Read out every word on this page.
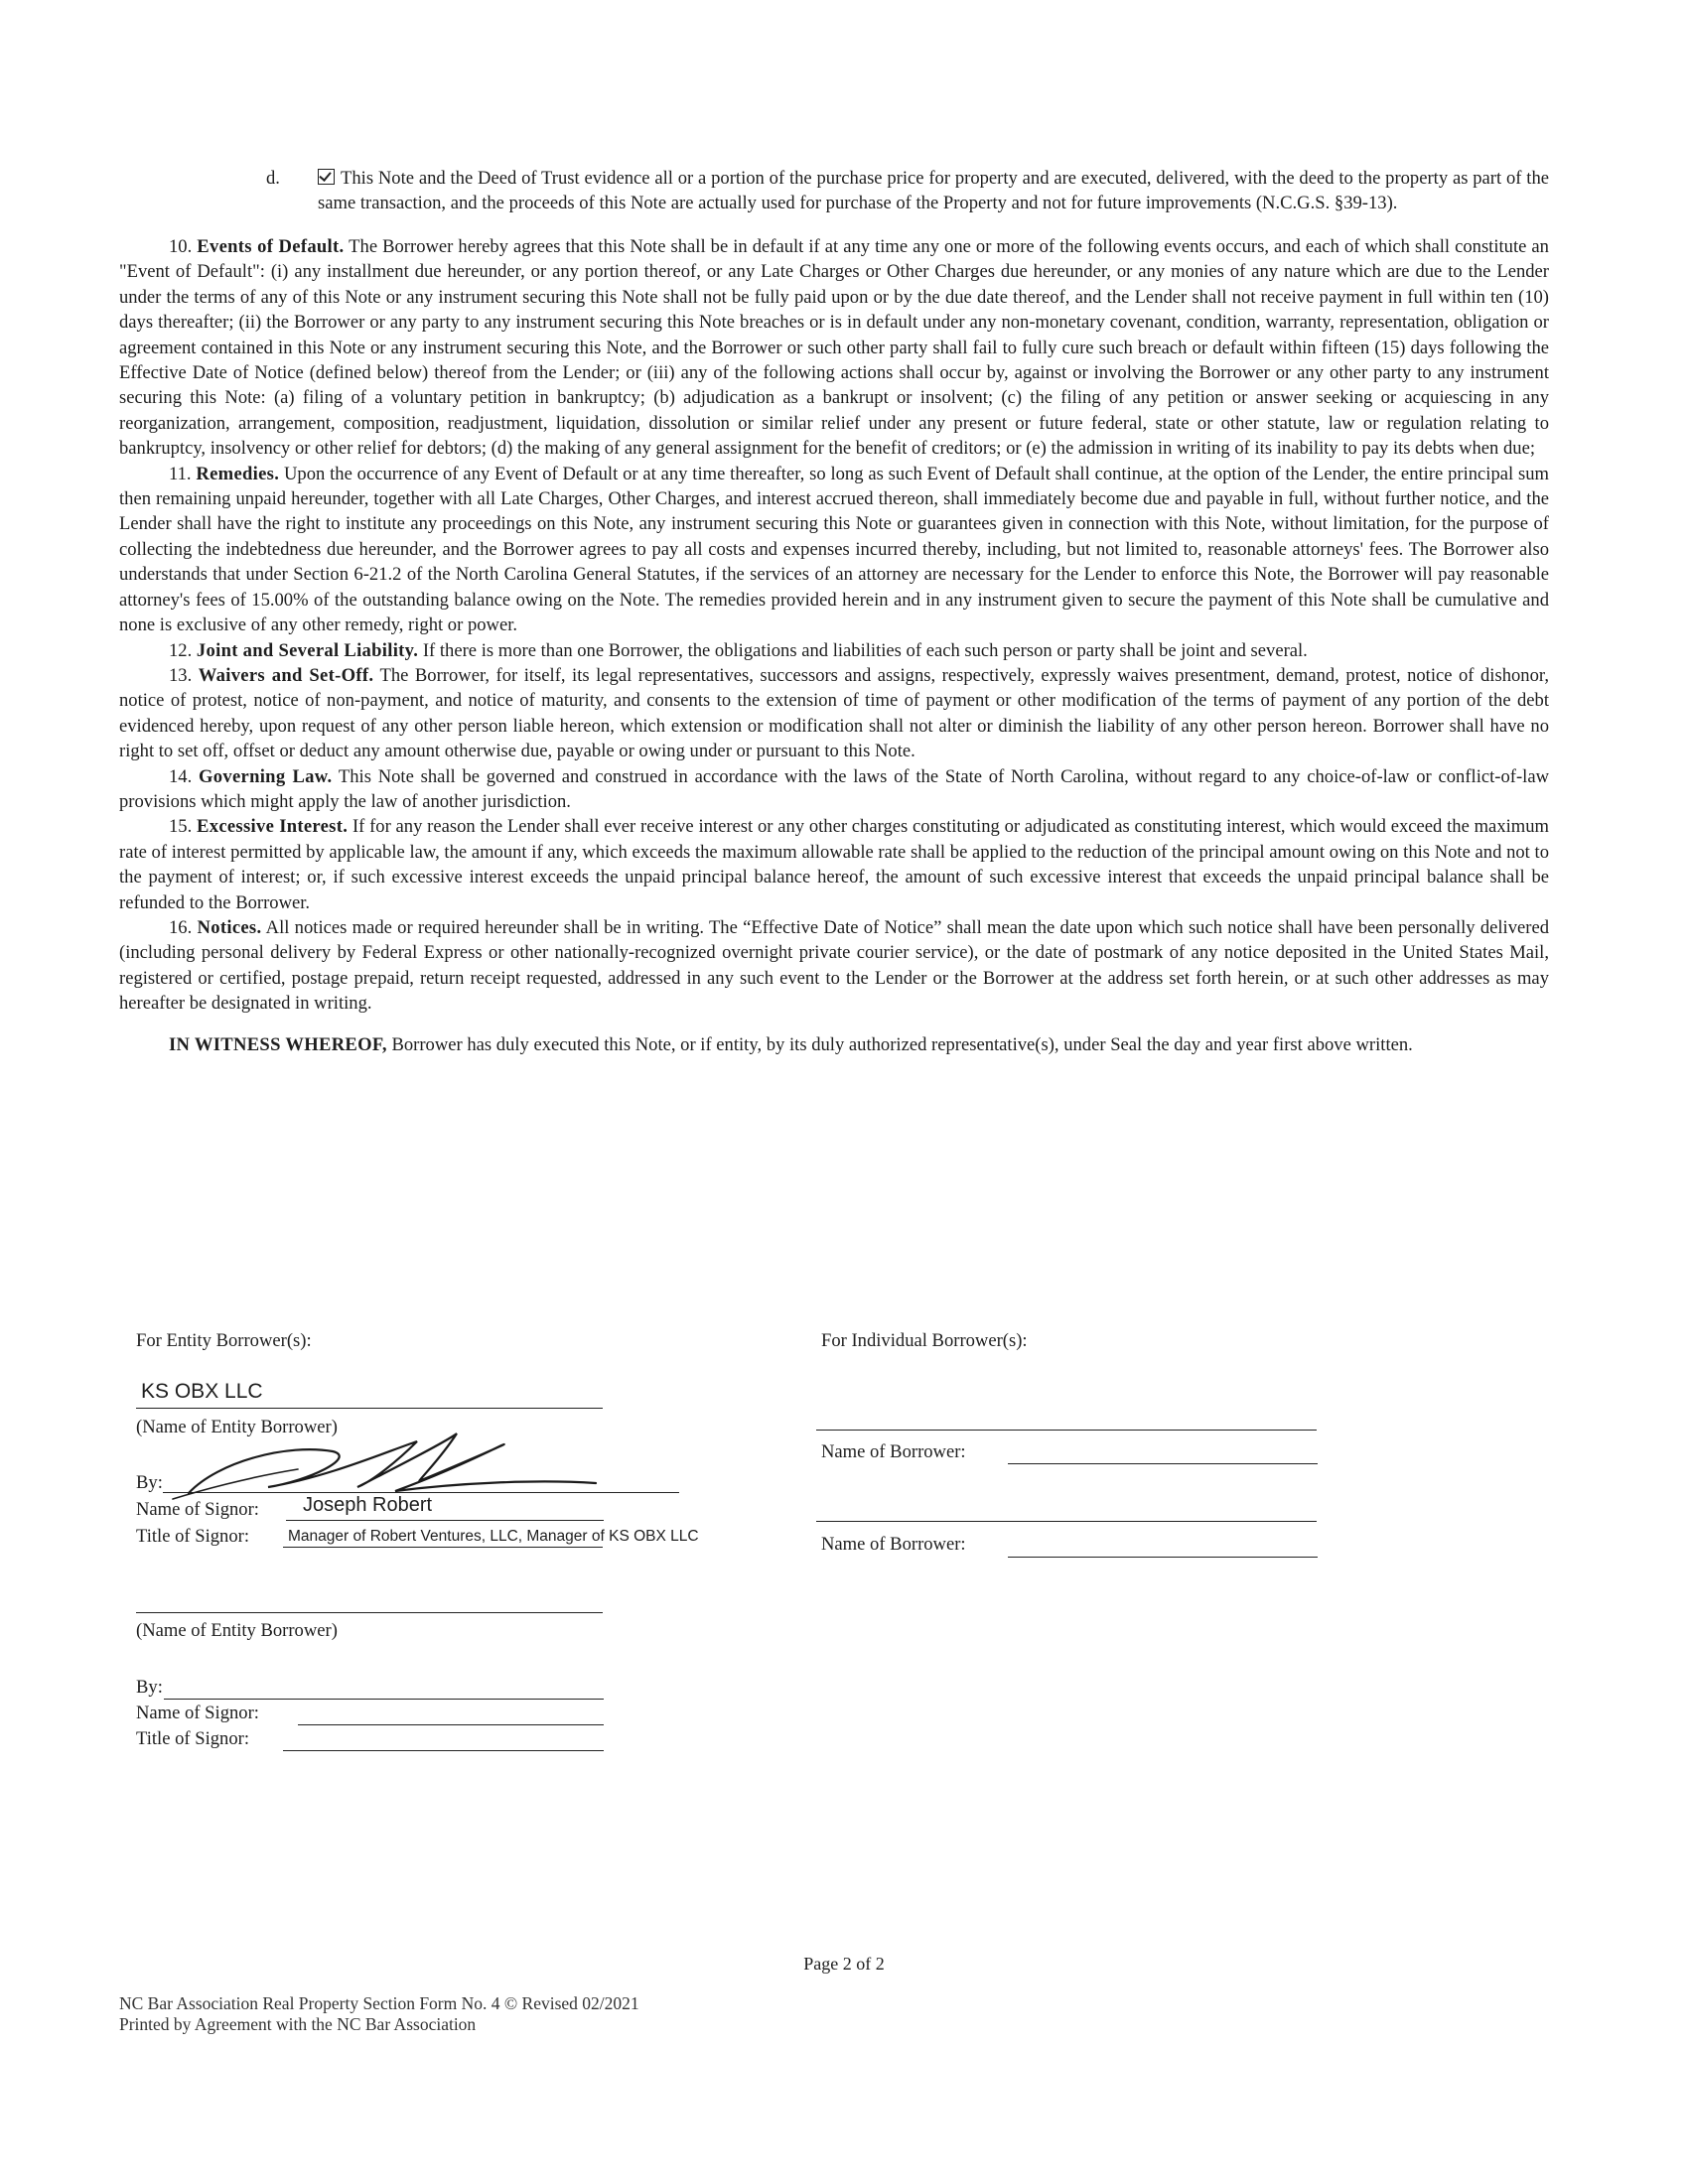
d.	This Note and the Deed of Trust evidence all or a portion of the purchase price for property and are executed, delivered, with the deed to the property as part of the same transaction, and the proceeds of this Note are actually used for purchase of the Property and not for future improvements (N.C.G.S. §39-13).

10. Events of Default. The Borrower hereby agrees that this Note shall be in default if at any time any one or more of the following events occurs, and each of which shall constitute an "Event of Default": (i) any installment due hereunder, or any portion thereof, or any Late Charges or Other Charges due hereunder, or any monies of any nature which are due to the Lender under the terms of any of this Note or any instrument securing this Note shall not be fully paid upon or by the due date thereof, and the Lender shall not receive payment in full within ten (10) days thereafter; (ii) the Borrower or any party to any instrument securing this Note breaches or is in default under any non-monetary covenant, condition, warranty, representation, obligation or agreement contained in this Note or any instrument securing this Note, and the Borrower or such other party shall fail to fully cure such breach or default within fifteen (15) days following the Effective Date of Notice (defined below) thereof from the Lender; or (iii) any of the following actions shall occur by, against or involving the Borrower or any other party to any instrument securing this Note: (a) filing of a voluntary petition in bankruptcy; (b) adjudication as a bankrupt or insolvent; (c) the filing of any petition or answer seeking or acquiescing in any reorganization, arrangement, composition, readjustment, liquidation, dissolution or similar relief under any present or future federal, state or other statute, law or regulation relating to bankruptcy, insolvency or other relief for debtors; (d) the making of any general assignment for the benefit of creditors; or (e) the admission in writing of its inability to pay its debts when due;

11. Remedies. Upon the occurrence of any Event of Default or at any time thereafter, so long as such Event of Default shall continue, at the option of the Lender, the entire principal sum then remaining unpaid hereunder, together with all Late Charges, Other Charges, and interest accrued thereon, shall immediately become due and payable in full, without further notice, and the Lender shall have the right to institute any proceedings on this Note, any instrument securing this Note or guarantees given in connection with this Note, without limitation, for the purpose of collecting the indebtedness due hereunder, and the Borrower agrees to pay all costs and expenses incurred thereby, including, but not limited to, reasonable attorneys' fees. The Borrower also understands that under Section 6-21.2 of the North Carolina General Statutes, if the services of an attorney are necessary for the Lender to enforce this Note, the Borrower will pay reasonable attorney's fees of 15.00% of the outstanding balance owing on the Note. The remedies provided herein and in any instrument given to secure the payment of this Note shall be cumulative and none is exclusive of any other remedy, right or power.

12. Joint and Several Liability. If there is more than one Borrower, the obligations and liabilities of each such person or party shall be joint and several.

13. Waivers and Set-Off. The Borrower, for itself, its legal representatives, successors and assigns, respectively, expressly waives presentment, demand, protest, notice of dishonor, notice of protest, notice of non-payment, and notice of maturity, and consents to the extension of time of payment or other modification of the terms of payment of any portion of the debt evidenced hereby, upon request of any other person liable hereon, which extension or modification shall not alter or diminish the liability of any other person hereon. Borrower shall have no right to set off, offset or deduct any amount otherwise due, payable or owing under or pursuant to this Note.

14. Governing Law. This Note shall be governed and construed in accordance with the laws of the State of North Carolina, without regard to any choice-of-law or conflict-of-law provisions which might apply the law of another jurisdiction.

15. Excessive Interest. If for any reason the Lender shall ever receive interest or any other charges constituting or adjudicated as constituting interest, which would exceed the maximum rate of interest permitted by applicable law, the amount if any, which exceeds the maximum allowable rate shall be applied to the reduction of the principal amount owing on this Note and not to the payment of interest; or, if such excessive interest exceeds the unpaid principal balance hereof, the amount of such excessive interest that exceeds the unpaid principal balance shall be refunded to the Borrower.

16. Notices. All notices made or required hereunder shall be in writing. The “Effective Date of Notice” shall mean the date upon which such notice shall have been personally delivered (including personal delivery by Federal Express or other nationally-recognized overnight private courier service), or the date of postmark of any notice deposited in the United States Mail, registered or certified, postage prepaid, return receipt requested, addressed in any such event to the Lender or the Borrower at the address set forth herein, or at such other addresses as may hereafter be designated in writing.

IN WITNESS WHEREOF, Borrower has duly executed this Note, or if entity, by its duly authorized representative(s), under Seal the day and year first above written.

For Entity Borrower(s):	For Individual Borrower(s):
KS OBX LLC
(Name of Entity Borrower)
By:
Name of Signor: Joseph Robert
Title of Signor:	Manager of Robert Ventures, LLC, Manager of KS OBX LLC
Name of Borrower:
Name of Borrower:
(Name of Entity Borrower)
By:
Name of Signor:
Title of Signor:
Page 2 of 2
NC Bar Association Real Property Section Form No. 4 © Revised 02/2021
Printed by Agreement with the NC Bar Association
